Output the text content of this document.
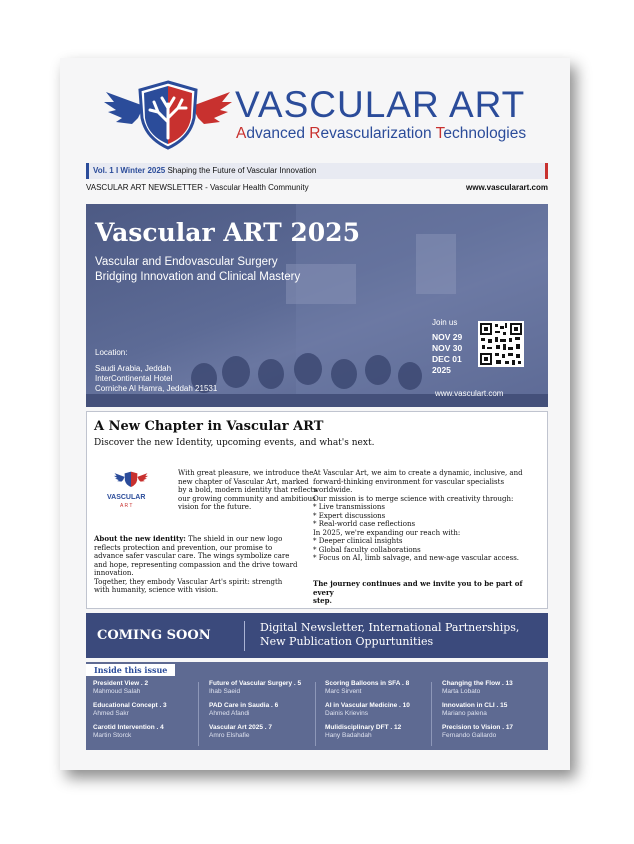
VASCULAR ART
Advanced Revascularization Technologies
Vol. 1 I Winter 2025 Shaping the Future of Vascular Innovation
VASCULAR ART NEWSLETTER - Vascular Health Community	www.vascularart.com
Vascular ART 2025
Vascular and Endovascular Surgery
Bridging Innovation and Clinical Mastery
Location:
Saudi Arabia, Jeddah
InterContinental Hotel
Corniche Al Hamra, Jeddah 21531
Join us
NOV 29
NOV 30
DEC 01
2025
www.vasculart.com
A New Chapter in Vascular ART
Discover the new Identity, upcoming events, and what's next.
VASCULAR
A R T
With great pleasure, we introduce the
new chapter of Vascular Art, marked
by a bold, modern identity that reflects
our growing community and ambitious
vision for the future.
About the new identity: The shield in our new logo
reflects protection and prevention, our promise to
advance safer vascular care. The wings symbolize care
and hope, representing compassion and the drive toward
innovation.
Together, they embody Vascular Art's spirit: strength
with humanity, science with vision.
At Vascular Art, we aim to create a dynamic, inclusive, and
forward-thinking environment for vascular specialists worldwide.
Our mission is to merge science with creativity through:
* Live transmissions
* Expert discussions
* Real-world case reflections
In 2025, we're expanding our reach with:
* Deeper clinical insights
* Global faculty collaborations
* Focus on AI, limb salvage, and new-age vascular access.
The journey continues and we invite you to be part of every
step.
COMING SOON
Digital Newsletter, International Partnerships,
New Publication Oppurtunities
Inside this issue
President View . 2
Mahmoud Salah
Educational Concept . 3
Ahmed Sakr
Carotid Intervention . 4
Martin Storck
Future of Vascular Surgery . 5
Ihab Saeid
PAD Care in Saudia . 6
Ahmed Afandi
Vascular Art 2025 . 7
Amro Elshafie
Scoring Balloons in SFA . 8
Marc Sirvent
AI in Vascular Medicine . 10
Dainis Krievins
Mulidisciplinary DFT . 12
Hany Badahdah
Changing the Flow . 13
Marta Lobato
Innovation in CLI . 15
Mariano palena
Precision to Vision . 17
Fernando Gallardo
